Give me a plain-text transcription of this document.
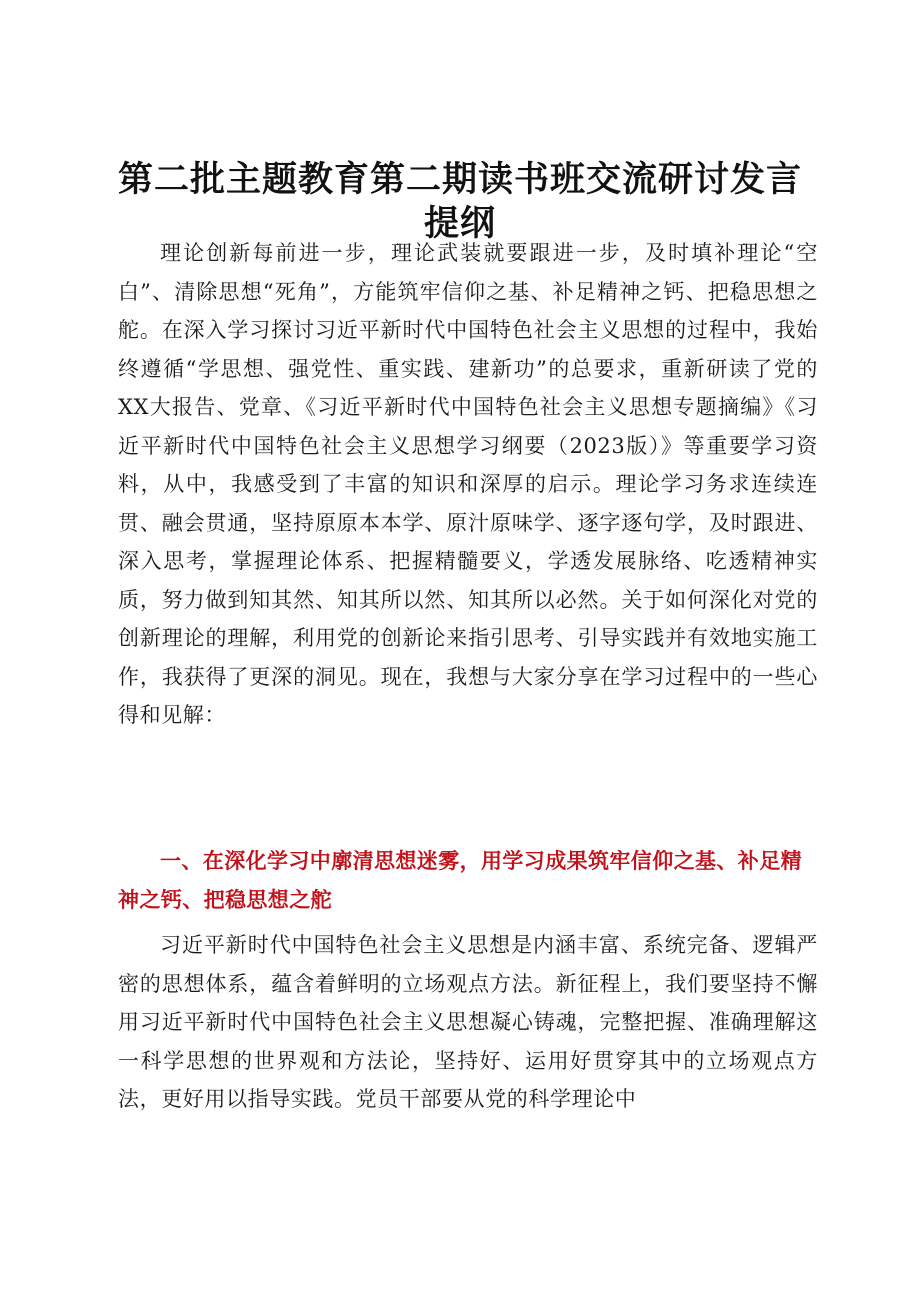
第二批主题教育第二期读书班交流研讨发言提纲

理论创新每前进一步，理论武装就要跟进一步，及时填补理论“空白”、清除思想“死角”，方能筑牢信仰之基、补足精神之钙、把稳思想之舵。在深入学习探讨习近平新时代中国特色社会主义思想的过程中，我始终遵循“学思想、强党性、重实践、建新功”的总要求，重新研读了党的XX大报告、党章、《习近平新时代中国特色社会主义思想专题摘编》《习近平新时代中国特色社会主义思想学习纲要（2023版）》等重要学习资料，从中，我感受到了丰富的知识和深厚的启示。理论学习务求连续连贯、融会贯通，坚持原原本本学、原汁原味学、逐字逐句学，及时跟进、深入思考，掌握理论体系、把握精髓要义，学透发展脉络、吃透精神实质，努力做到知其然、知其所以然、知其所以必然。关于如何深化对党的创新理论的理解，利用党的创新论来指引思考、引导实践并有效地实施工作，我获得了更深的洞见。现在，我想与大家分享在学习过程中的一些心得和见解：

一、在深化学习中廓清思想迷雾，用学习成果筑牢信仰之基、补足精神之钙、把稳思想之舵

习近平新时代中国特色社会主义思想是内涵丰富、系统完备、逻辑严密的思想体系，蕴含着鲜明的立场观点方法。新征程上，我们要坚持不懈用习近平新时代中国特色社会主义思想凝心铸魂，完整把握、准确理解这一科学思想的世界观和方法论，坚持好、运用好贯穿其中的立场观点方法，更好用以指导实践。党员干部要从党的科学理论中
